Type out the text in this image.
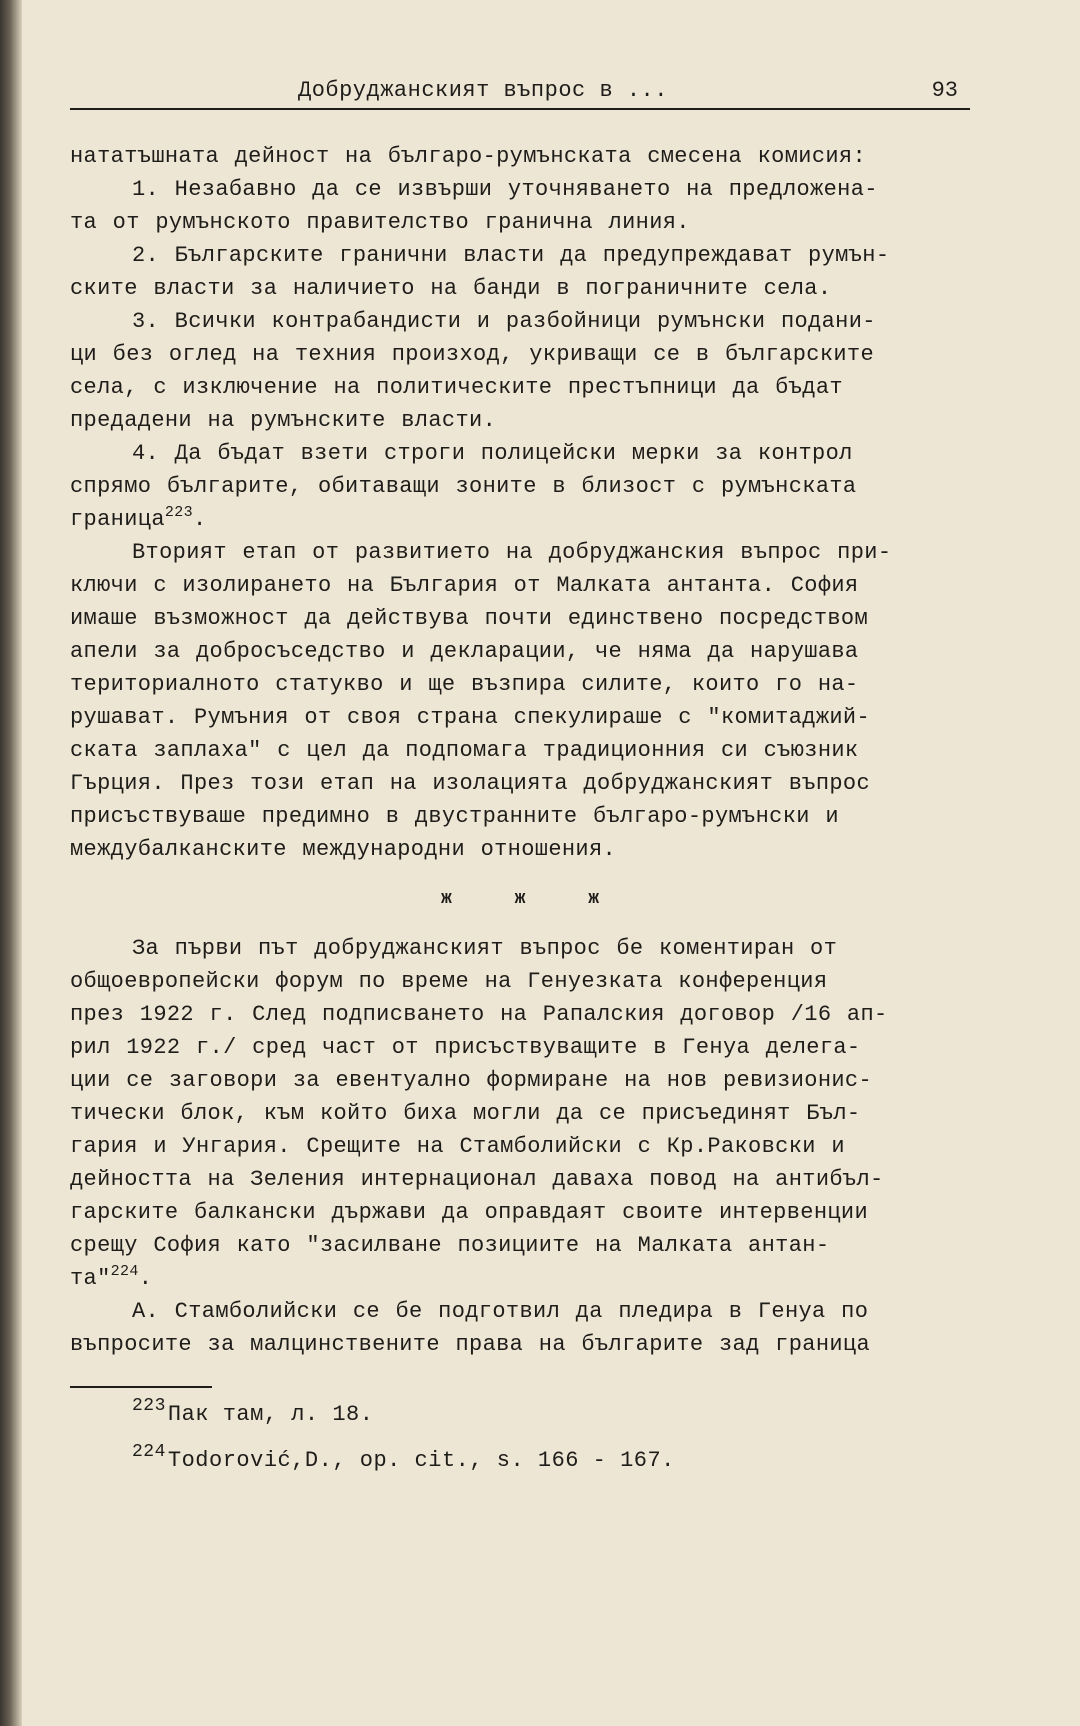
Добруджанският въпрос в ...	93
нататъшната дейност на българо-румънската смесена комисия:
1. Незабавно да се извърши уточняването на предложена-
та от румънското правителство гранична линия.
2. Българските гранични власти да предупреждават румън-
ските власти за наличието на банди в пограничните села.
3. Всички контрабандисти и разбойници румънски подани-
ци без оглед на техния произход, укриващи се в българските
села, с изключение на политическите престъпници да бъдат
предадени на румънските власти.
4. Да бъдат взети строги полицейски мерки за контрол
спрямо българите, обитаващи зоните в близост с румънската
граница$^{223}$.
Вторият етап от развитието на добруджанския въпрос при-
ключи с изолирането на България от Малката антанта. София
имаше възможност да действува почти единствено посредством
апели за добросъседство и декларации, че няма да нарушава
териториалното статукво и ще възпира силите, които го на-
рушават. Румъния от своя страна спекулираше с "комитаджий-
ската заплаха" с цел да подпомага традиционния си съюзник
Гърция. През този етап на изолацията добруджанският въпрос
присъствуваше предимно в двустранните българо-румънски и
междубалканските международни отношения.
ж ж ж
За първи път добруджанският въпрос бе коментиран от
общоевропейски форум по време на Генуезката конференция
през 1922 г. След подписването на Рапалския договор /16 ап-
рил 1922 г./ сред част от присъствуващите в Генуа делега-
ции се заговори за евентуално формиране на нов ревизионис-
тически блок, към който биха могли да се присъединят Бъл-
гария и Унгария. Срещите на Стамболийски с Кр.Раковски и
дейността на Зеления интернационал даваха повод на антибъл-
гарските балкански държави да оправдаят своите интервенции
срещу София като "засилване позициите на Малката антан-
та"$^{224}$.
А. Стамболийски се бе подготвил да пледира в Генуа по
въпросите за малцинствените права на българите зад граница
$^{223}$Пак там, л. 18.
$^{224}$Todorović,D., op. cit., s. 166 - 167.
